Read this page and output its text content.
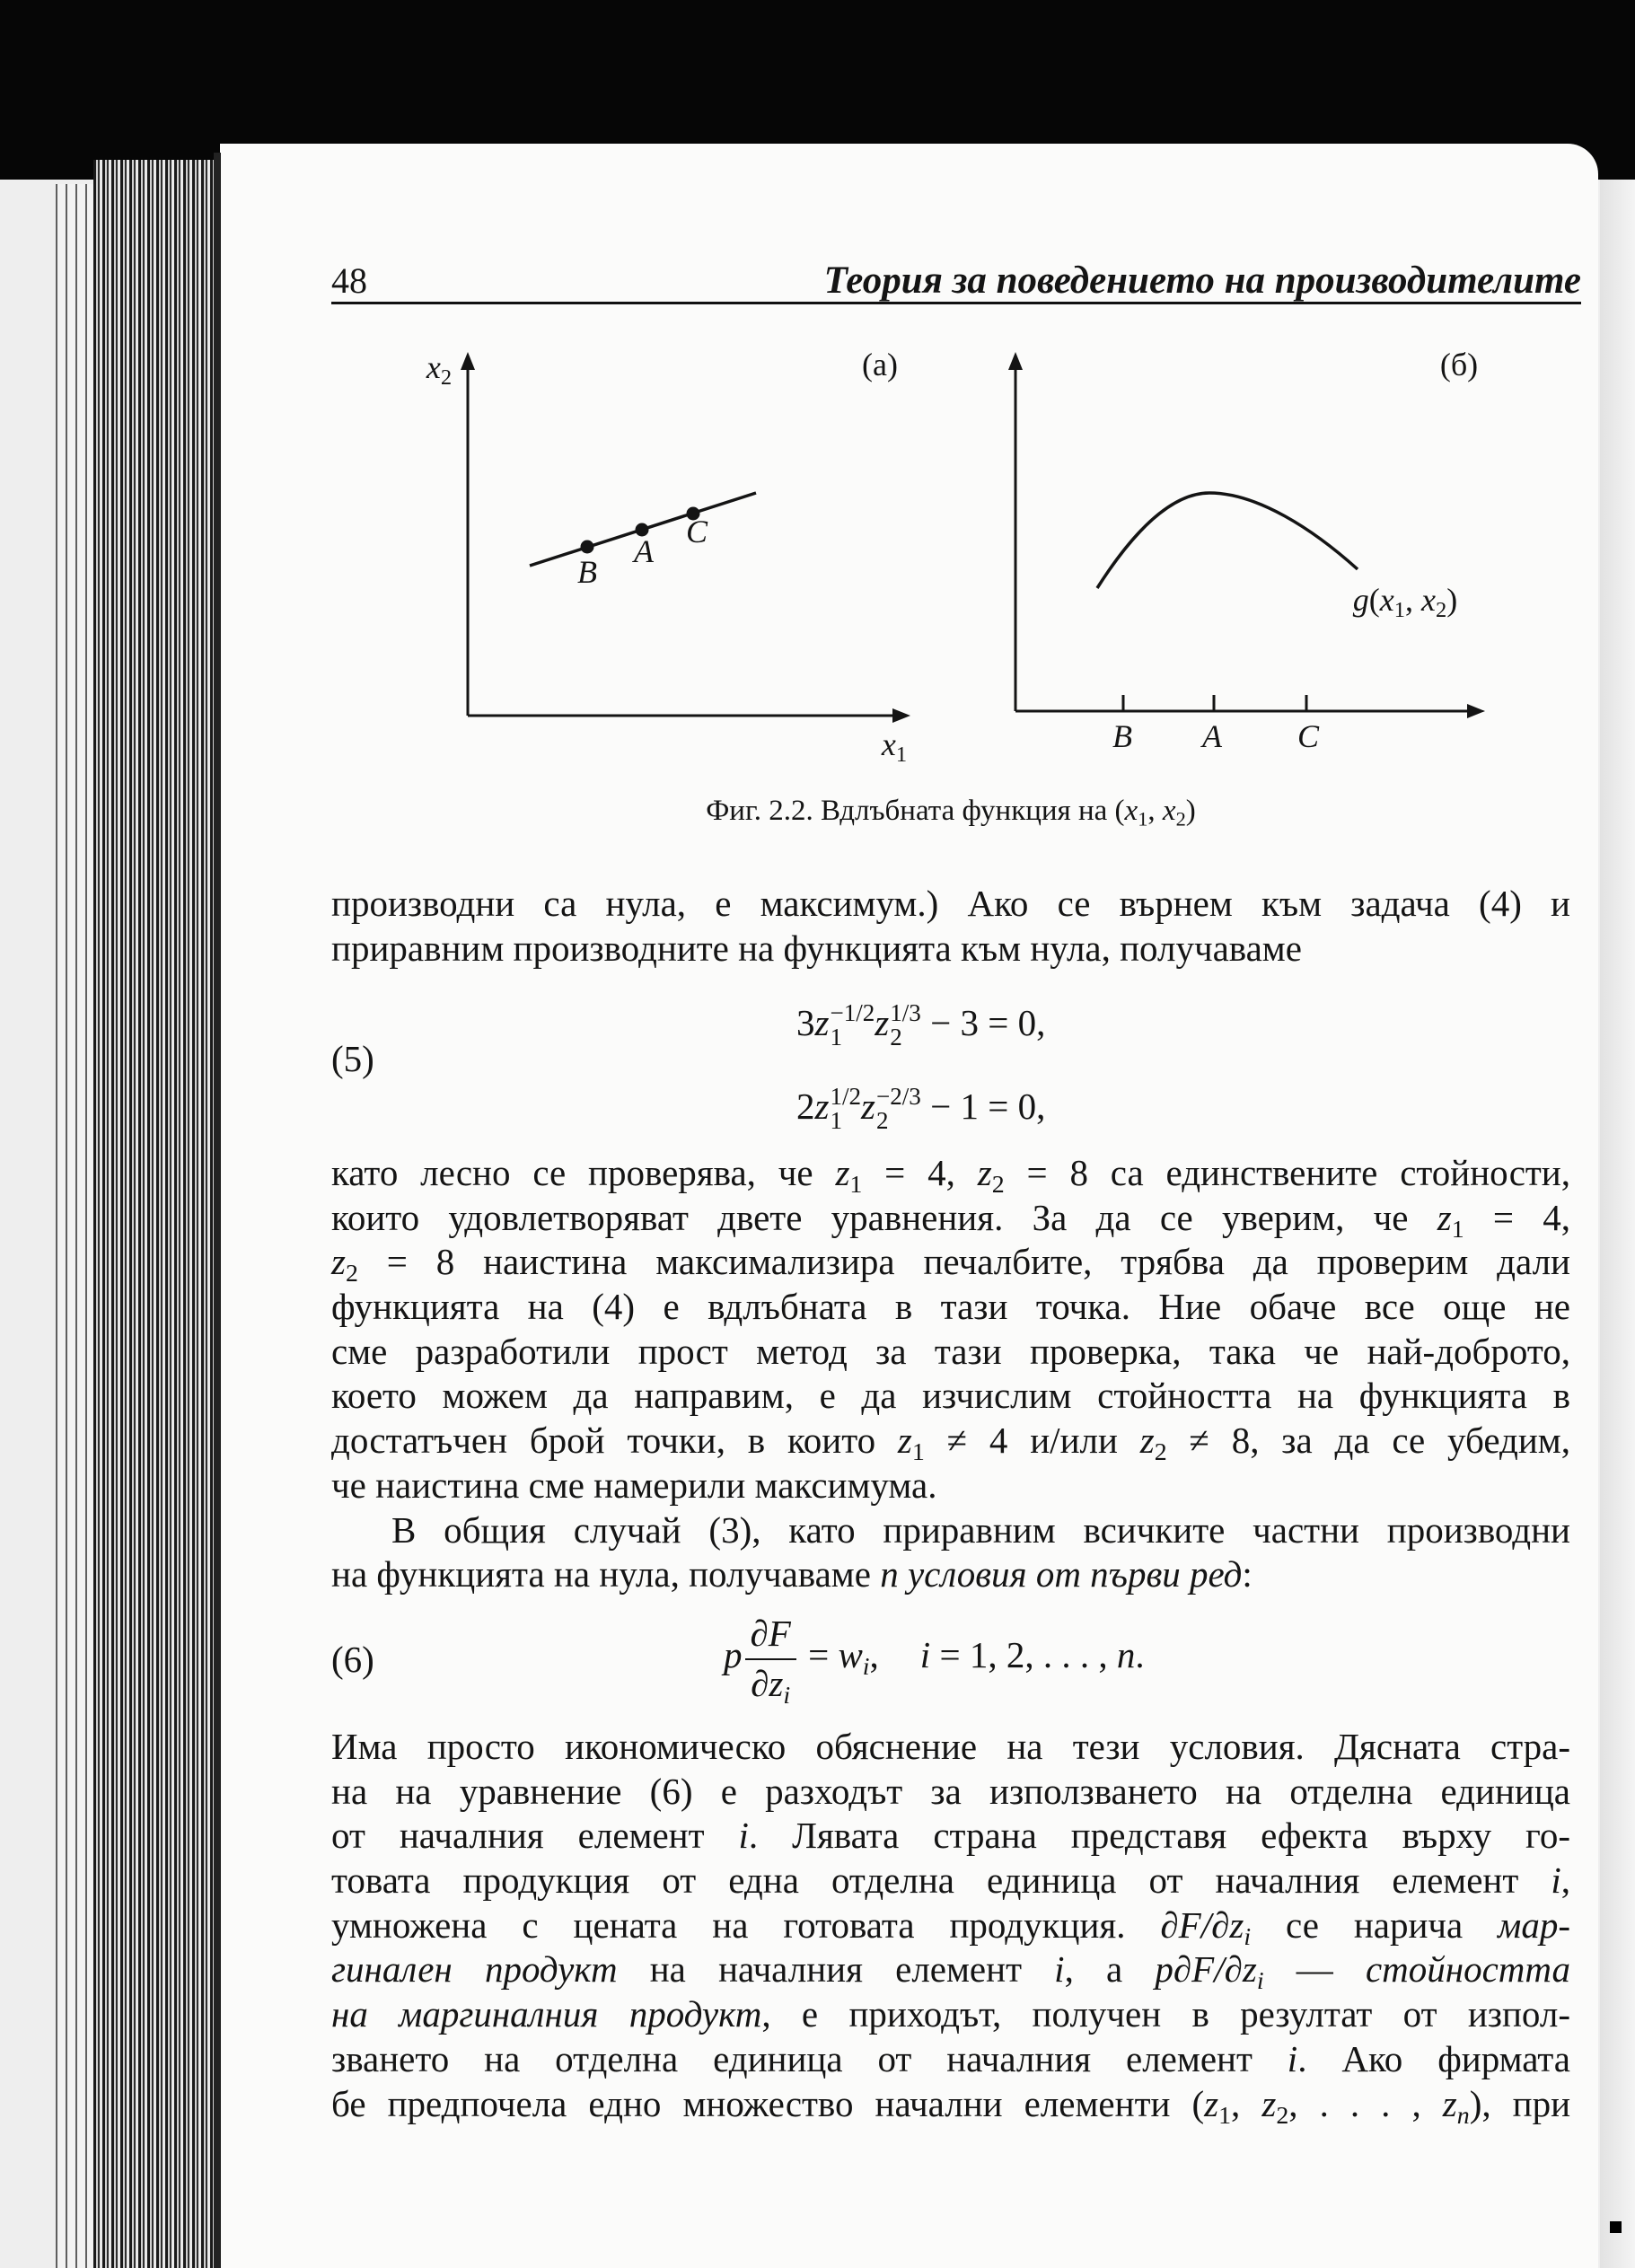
48	Теория за поведението на производителите
x2	(а)
x1
B
A
C
(б)
g(x1, x2)
B A C
Фиг. 2.2. Вдлъбната функция на (x1, x2)
производни са нула, е максимум.) Ако се върнем към задача (4) и
приравним производните на функцията към нула, получаваме
(5)
3z −1/2
1 z 1/3
2 − 3 = 0,
2z 1/2
1 z −2/3
2 − 1 = 0,
като лесно се проверява, че z1 = 4, z2 = 8 са единствените стойности,
които удовлетворяват двете уравнения. За да се уверим, че z1 = 4,
z2 = 8 наистина максимализира печалбите, трябва да проверим дали
функцията на (4) е вдлъбната в тази точка. Ние обаче все още не
сме разработили прост метод за тази проверка, така че най-доброто,
което можем да направим, е да изчислим стойността на функцията в
достатъчен брой точки, в които z1 ≠ 4 и/или z2 ≠ 8, за да се убедим,
че наистина сме намерили максимума.
В общия случай (3), като приравним всичките частни производни
на функцията на нула, получаваме n условия от първи ред:
(6)	p $\frac{\partial F}{\partial zi}$ = wi, i = 1, 2, . . . , n.
Има просто икономическо обяснение на тези условия. Дясната стра-
на на уравнение (6) е разходът за използването на отделна единица
от началния елемент i. Лявата страна представя ефекта върху го-
товата продукция от една отделна единица от началния елемент i,
умножена с цената на готовата продукция. ∂F/∂zi се нарича мар-
гинален продукт на началния елемент i, а p∂F/∂zi — стойността
на маргиналния продукт, е приходът, получен в резултат от изпол-
зването на отделна единица от началния елемент i. Ако фирмата
бе предпочела едно множество начални елементи (z1, z2, . . . , zn), при
